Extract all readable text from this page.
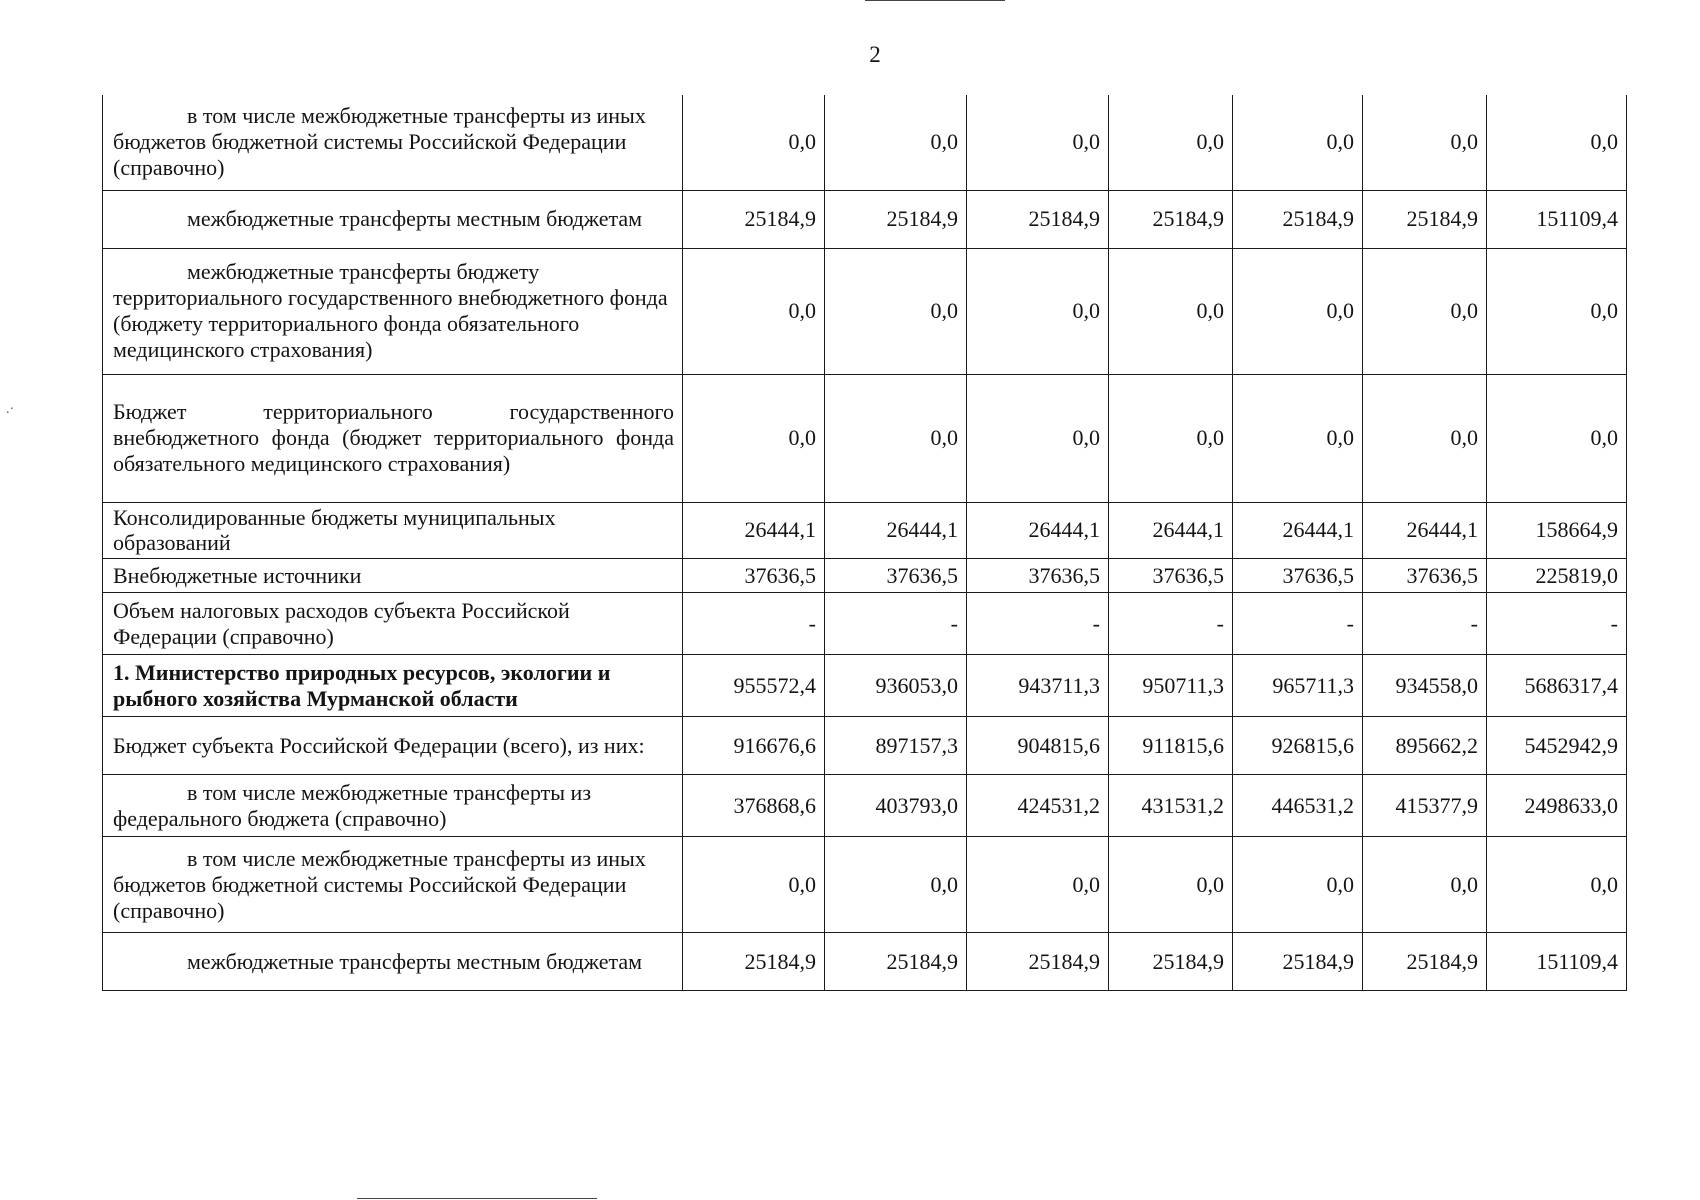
2
.·
в том числе межбюджетные трансферты из иных бюджетов бюджетной системы Российской Федерации (справочно)	0,0	0,0	0,0	0,0	0,0	0,0	0,0
межбюджетные трансферты местным бюджетам	25184,9	25184,9	25184,9	25184,9	25184,9	25184,9	151109,4
межбюджетные трансферты бюджету территориального государственного внебюджетного фонда (бюджету территориального фонда обязательного медицинского страхования)	0,0	0,0	0,0	0,0	0,0	0,0	0,0
Бюджет территориального государственного внебюджетного фонда (бюджет территориального фонда обязательного медицинского страхования)	0,0	0,0	0,0	0,0	0,0	0,0	0,0
Консолидированные бюджеты муниципальных образований	26444,1	26444,1	26444,1	26444,1	26444,1	26444,1	158664,9
Внебюджетные источники	37636,5	37636,5	37636,5	37636,5	37636,5	37636,5	225819,0
Объем налоговых расходов субъекта Российской Федерации (справочно)	-	-	-	-	-	-	-
1. Министерство природных ресурсов, экологии и рыбного хозяйства Мурманской области	955572,4	936053,0	943711,3	950711,3	965711,3	934558,0	5686317,4
Бюджет субъекта Российской Федерации (всего), из них:	916676,6	897157,3	904815,6	911815,6	926815,6	895662,2	5452942,9
в том числе межбюджетные трансферты из федерального бюджета (справочно)	376868,6	403793,0	424531,2	431531,2	446531,2	415377,9	2498633,0
в том числе межбюджетные трансферты из иных бюджетов бюджетной системы Российской Федерации (справочно)	0,0	0,0	0,0	0,0	0,0	0,0	0,0
межбюджетные трансферты местным бюджетам	25184,9	25184,9	25184,9	25184,9	25184,9	25184,9	151109,4
